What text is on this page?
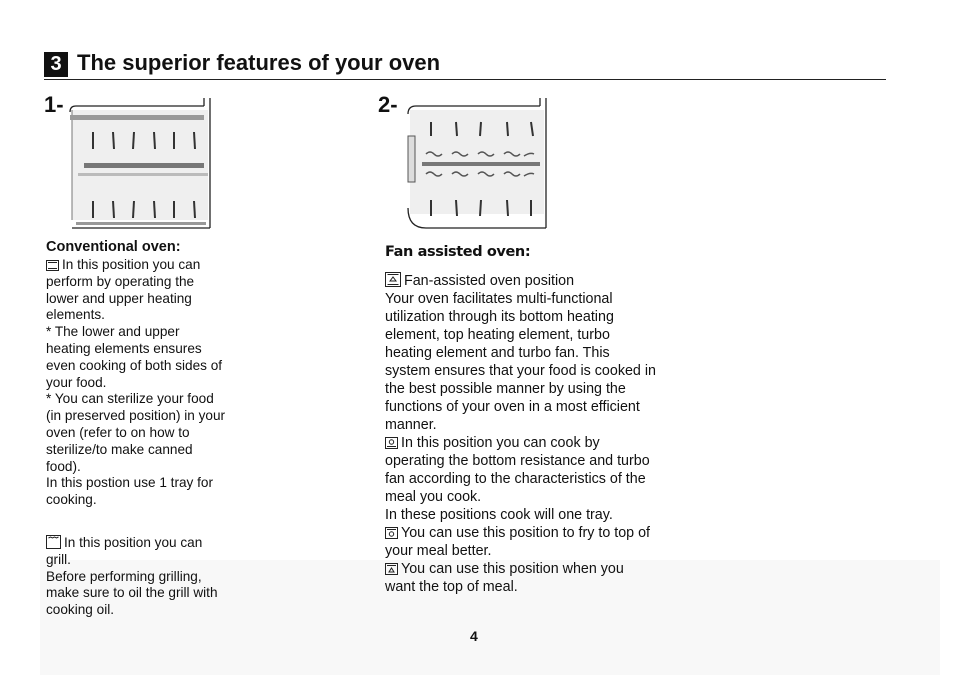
3 The superior features of your oven
1-	2-
Conventional oven:

In this position you can perform by operating the lower and upper heating elements.

* The lower and upper heating elements ensures even cooking of both sides of your food.

* You can sterilize your food (in preserved position) in your oven (refer to on how to sterilize/to make canned food).

In this postion use 1 tray for cooking.

In this position you can grill.

Before performing grilling, make sure to oil the grill with cooking oil.

Fan assisted oven:

Fan-assisted oven position

Your oven facilitates multi-functional utilization through its bottom heating element, top heating element, turbo heating element and turbo fan. This system ensures that your food is cooked in the best possible manner by using the functions of your oven in a most efficient manner.

In this position you can cook by operating the bottom resistance and turbo fan according to the characteristics of the meal you cook.

In these positions cook will one tray.

You can use this position to fry to top of your meal better.

You can use this position when you want the top of meal.

4
